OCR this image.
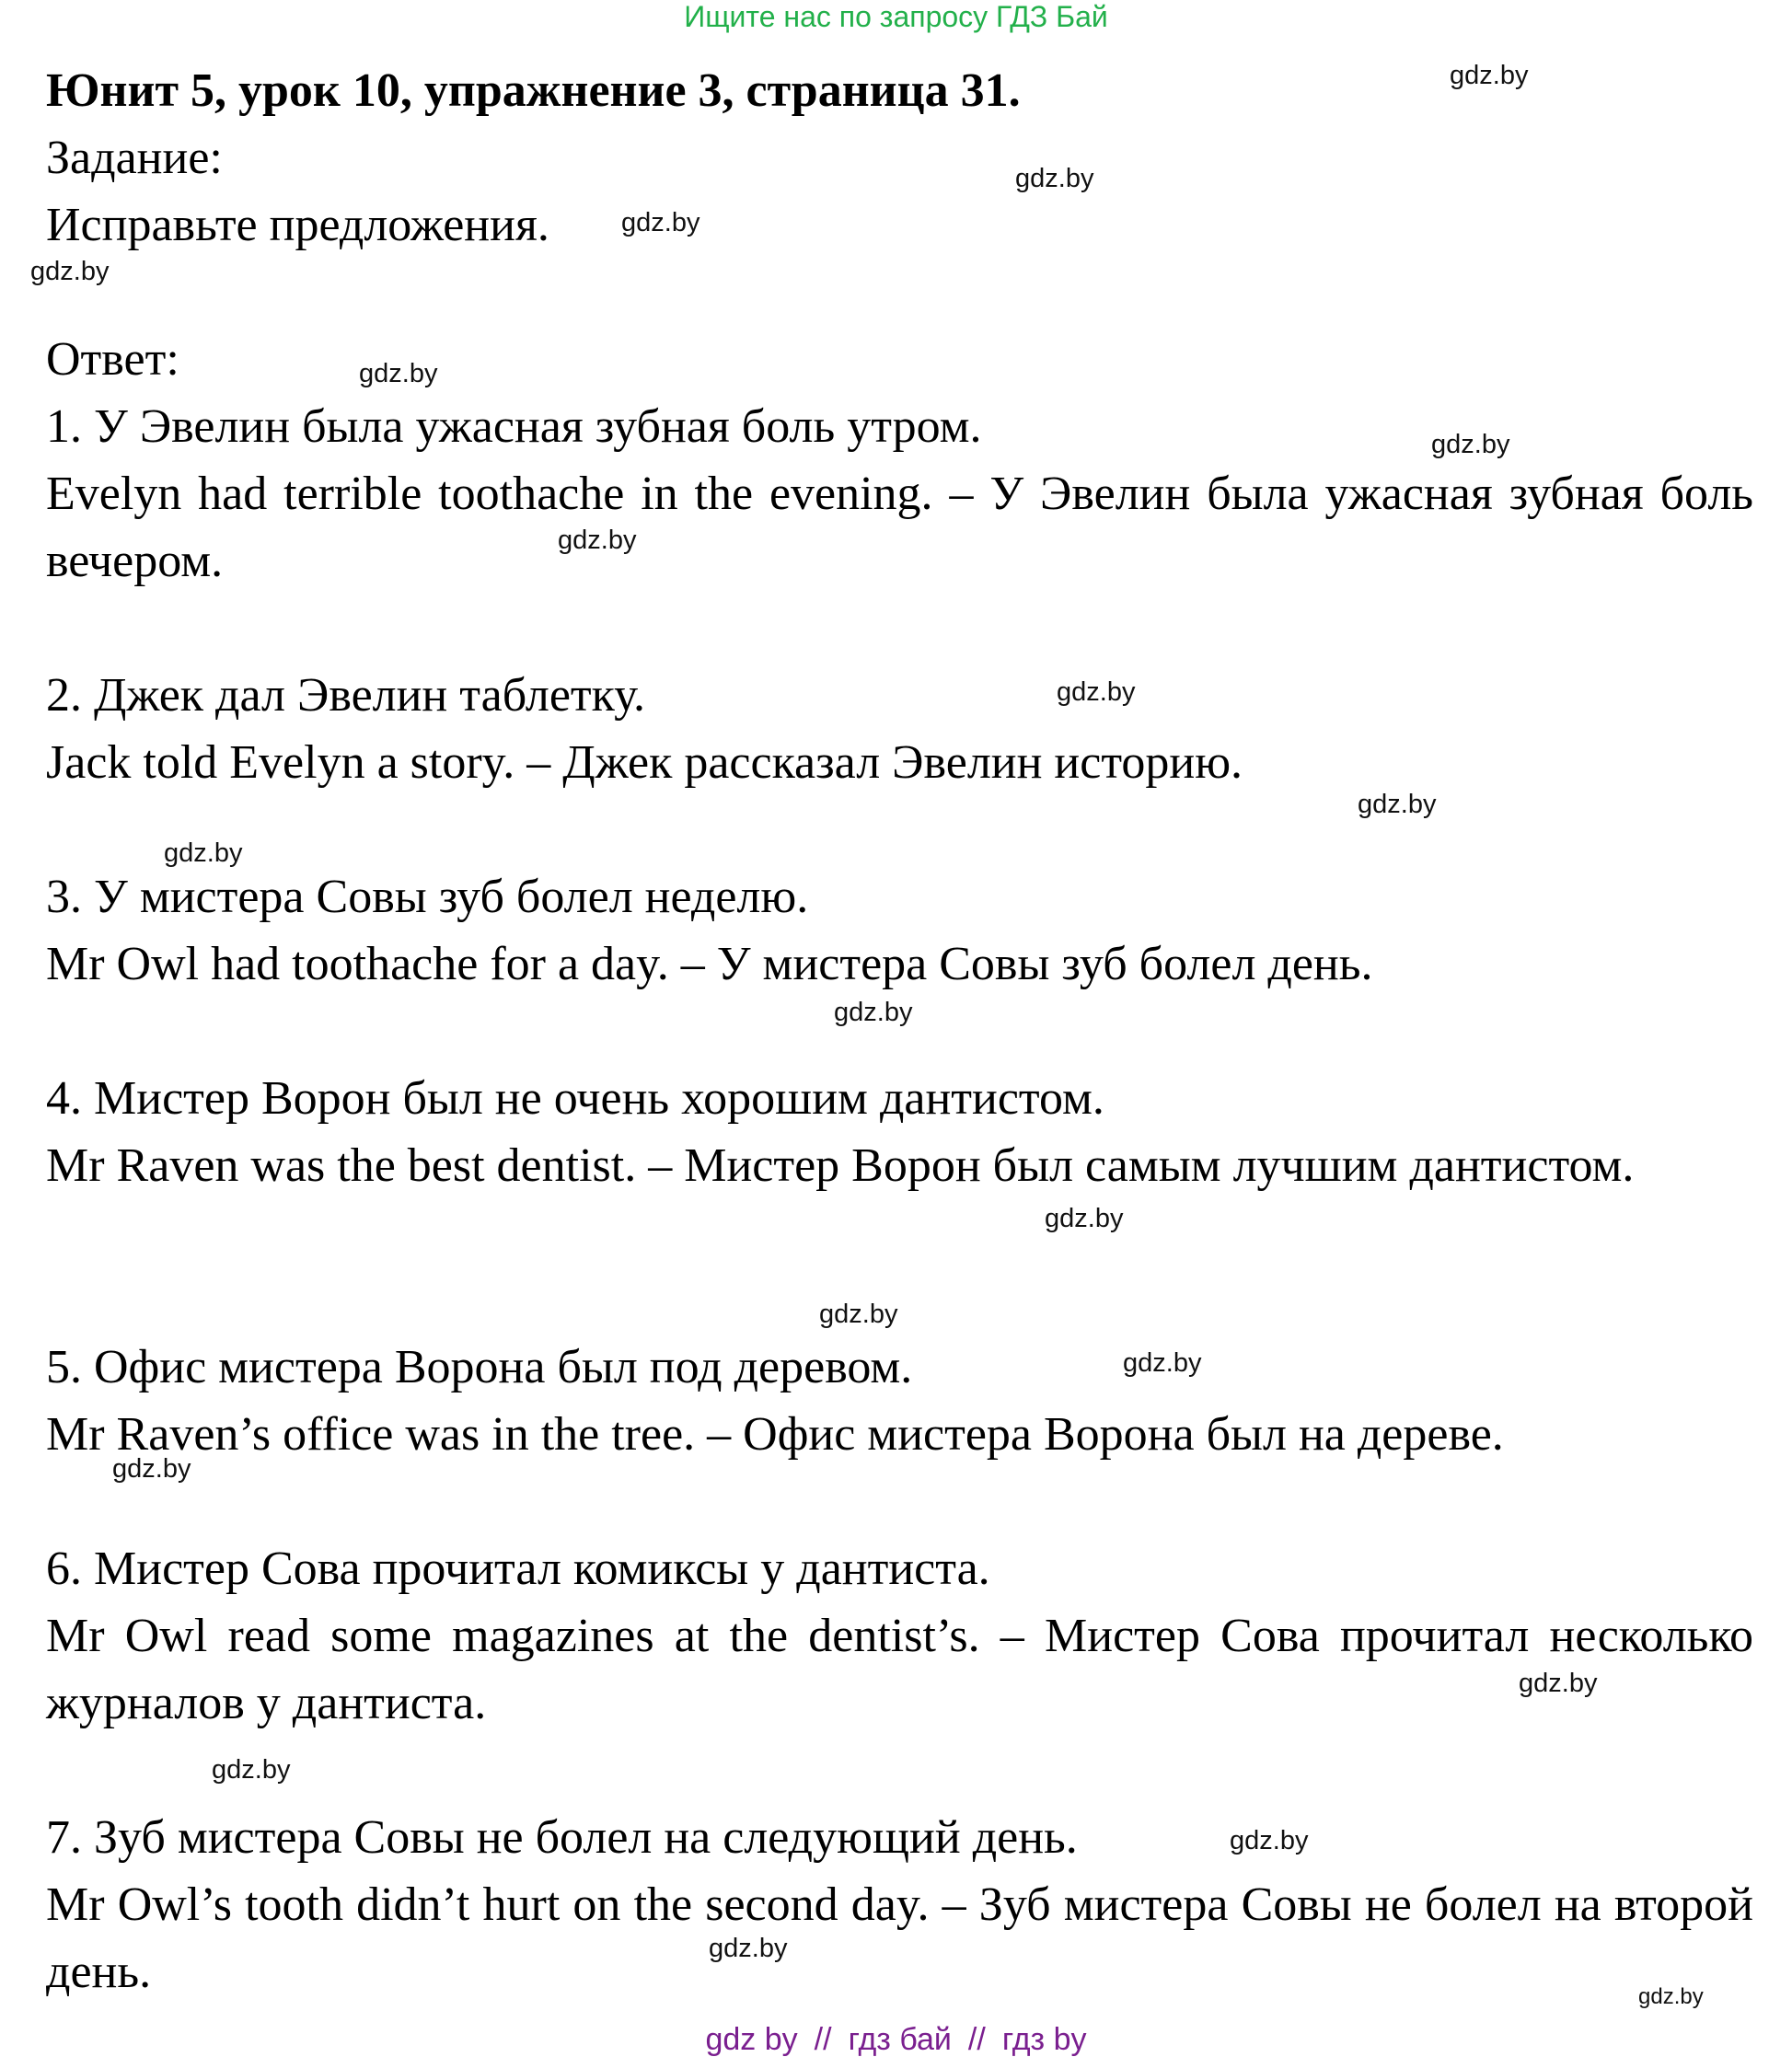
Ищите нас по запросу ГДЗ Бай
Юнит 5, урок 10, упражнение 3, страница 31.
Задание:
Исправьте предложения.
Ответ:
1. У Эвелин была ужасная зубная боль утром.
Evelyn had terrible toothache in the evening. – У Эвелин была ужасная зубная боль вечером.
2. Джек дал Эвелин таблетку.
Jack told Evelyn a story. – Джек рассказал Эвелин историю.
3. У мистера Совы зуб болел неделю.
Mr Owl had toothache for a day. – У мистера Совы зуб болел день.
4. Мистер Ворон был не очень хорошим дантистом.
Mr Raven was the best dentist. – Мистер Ворон был самым лучшим дантистом.
5. Офис мистера Ворона был под деревом.
Mr Raven’s office was in the tree. – Офис мистера Ворона был на дереве.
6. Мистер Сова прочитал комиксы у дантиста.
Mr Owl read some magazines at the dentist’s. – Мистер Сова прочитал несколько журналов у дантиста.
7. Зуб мистера Совы не болел на следующий день.
Mr Owl’s tooth didn’t hurt on the second day. – Зуб мистера Совы не болел на второй день.
gdz.by
gdz.by
gdz.by
gdz.by
gdz.by
gdz.by
gdz.by
gdz.by
gdz.by
gdz.by
gdz.by
gdz.by
gdz.by
gdz.by
gdz.by
gdz.by
gdz.by
gdz.by
gdz.by
gdz.by
gdz by // гдз бай // гдз by
